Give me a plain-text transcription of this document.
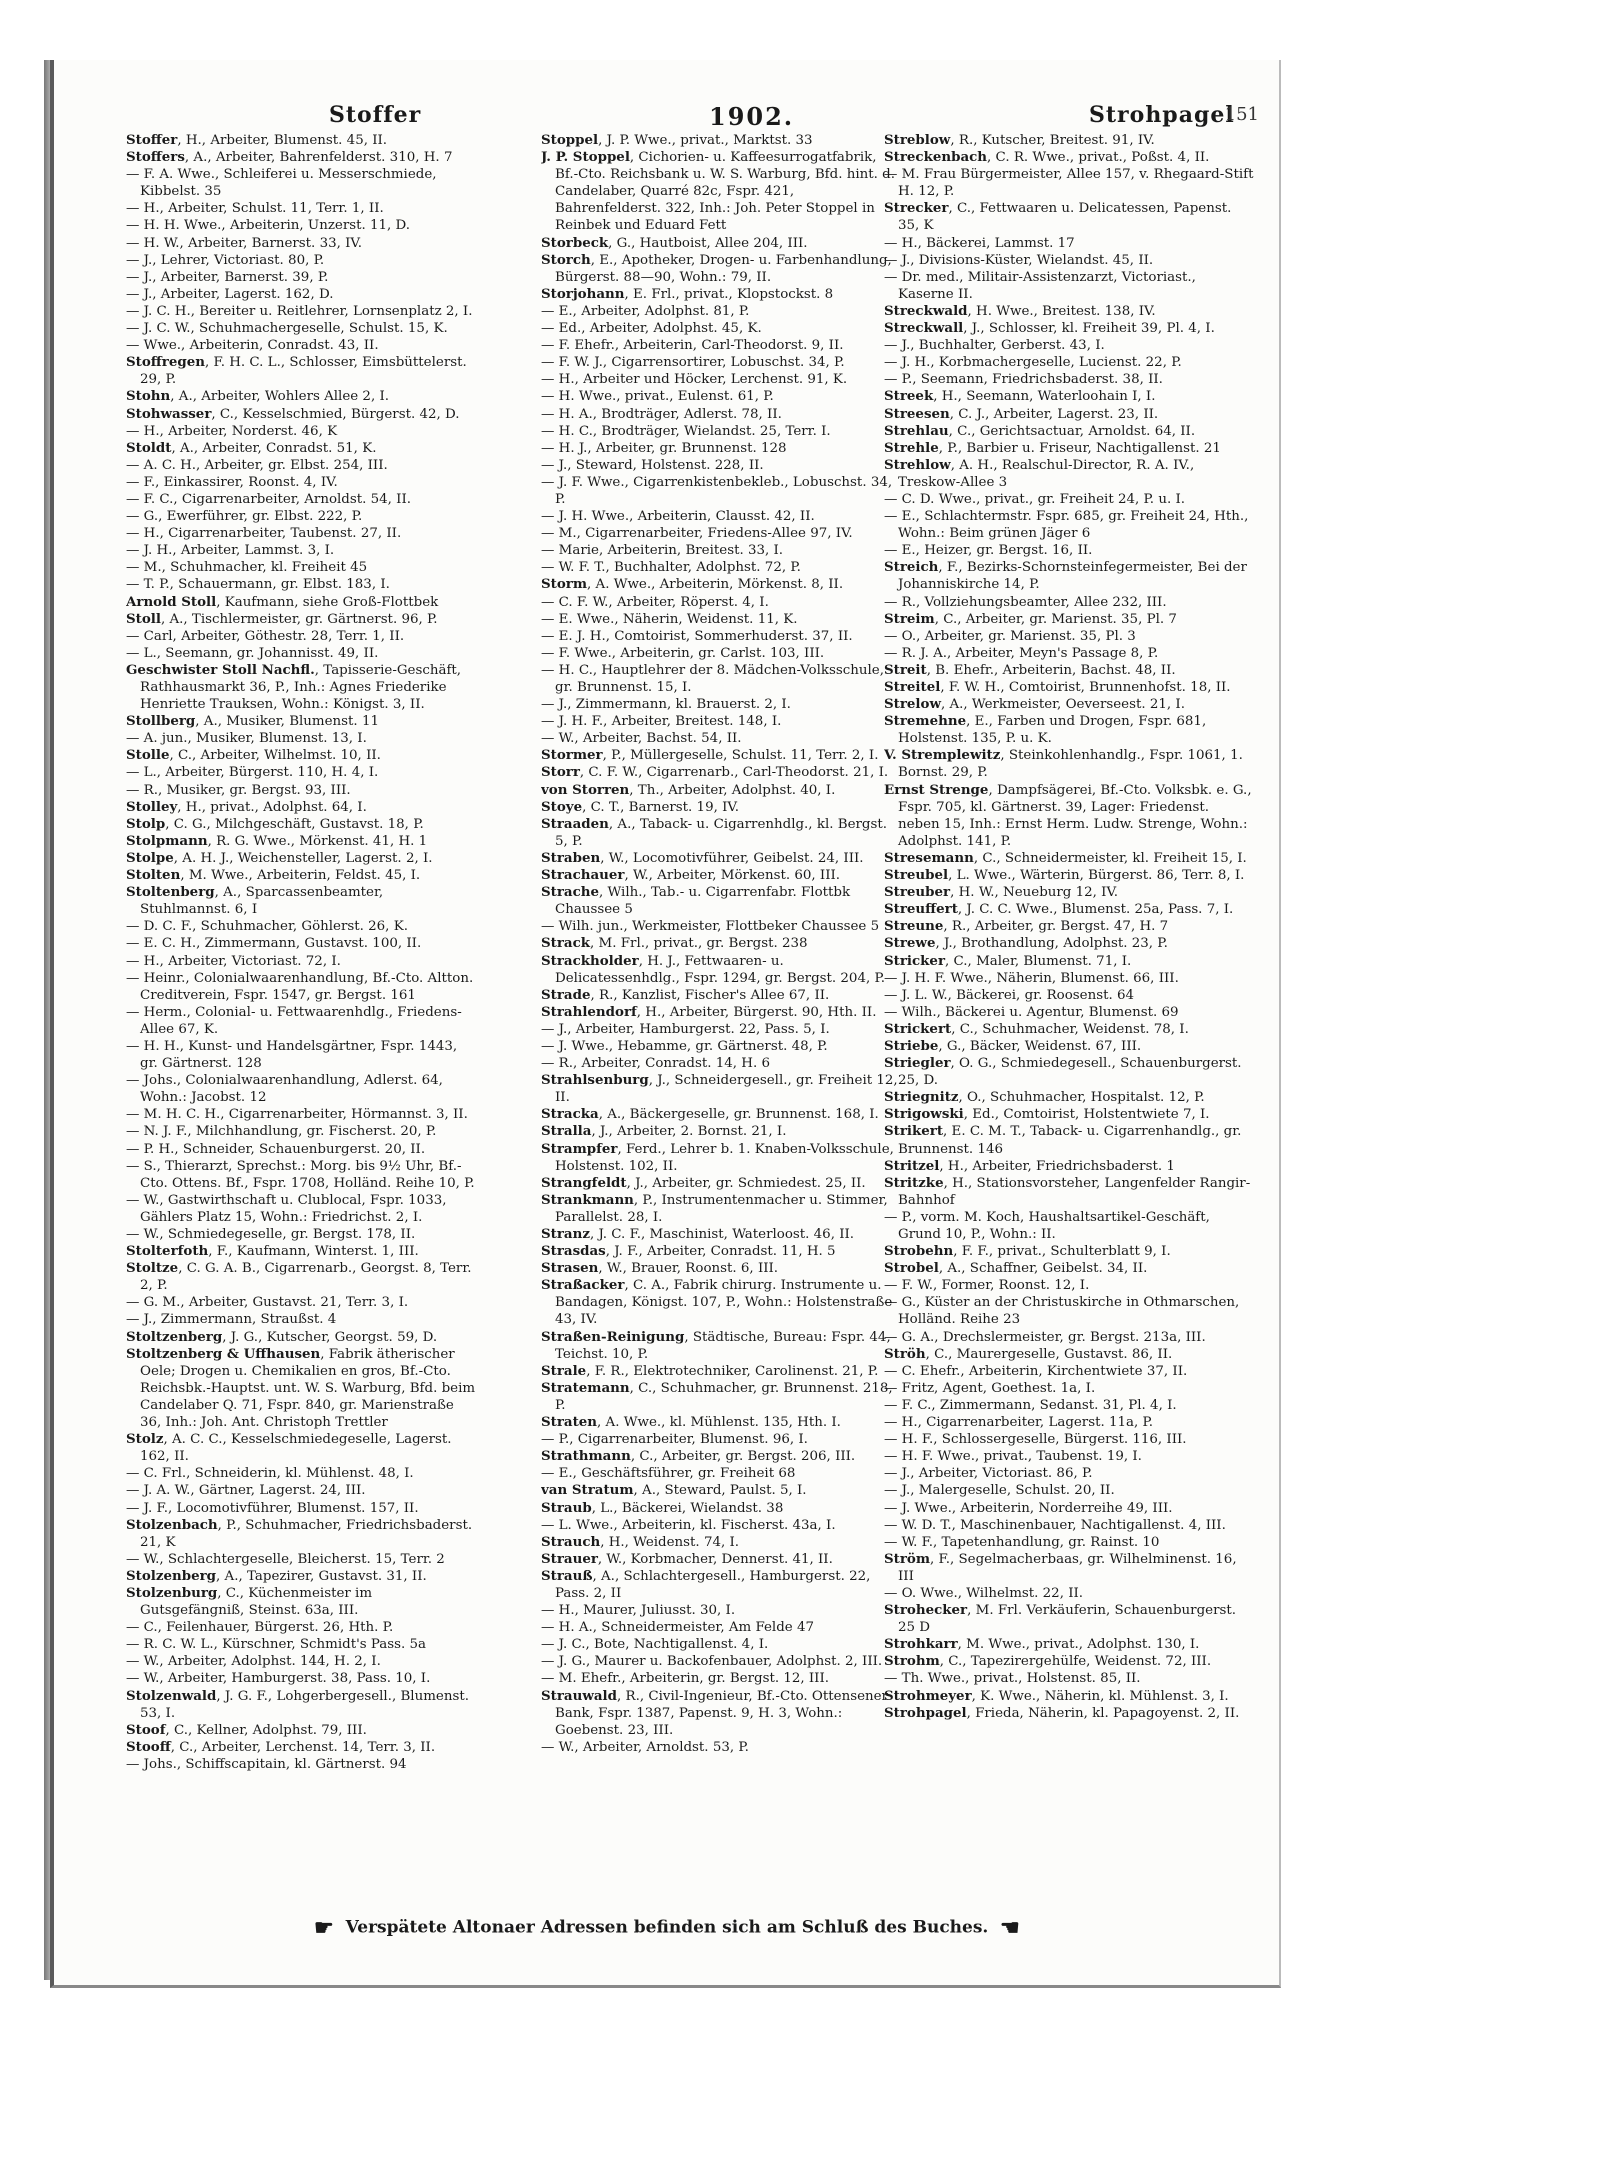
Stoffer	1902.	Strohpagel
151
Stoffer, H., Arbeiter, Blumenst. 45, II.
Stoffers, A., Arbeiter, Bahrenfelderst. 310, H. 7
— F. A. Wwe., Schleiferei u. Messerschmiede, Kibbelst. 35
— H., Arbeiter, Schulst. 11, Terr. 1, II.
— H. H. Wwe., Arbeiterin, Unzerst. 11, D.
— H. W., Arbeiter, Barnerst. 33, IV.
— J., Lehrer, Victoriast. 80, P.
— J., Arbeiter, Barnerst. 39, P.
— J., Arbeiter, Lagerst. 162, D.
— J. C. H., Bereiter u. Reitlehrer, Lornsenplatz 2, I.
— J. C. W., Schuhmachergeselle, Schulst. 15, K.
— Wwe., Arbeiterin, Conradst. 43, II.
Stoffregen, F. H. C. L., Schlosser, Eimsbüttelerst. 29, P.
Stohn, A., Arbeiter, Wohlers Allee 2, I.
Stohwasser, C., Kesselschmied, Bürgerst. 42, D.
— H., Arbeiter, Norderst. 46, K
Stoldt, A., Arbeiter, Conradst. 51, K.
— A. C. H., Arbeiter, gr. Elbst. 254, III.
— F., Einkassirer, Roonst. 4, IV.
— F. C., Cigarrenarbeiter, Arnoldst. 54, II.
— G., Ewerführer, gr. Elbst. 222, P.
— H., Cigarrenarbeiter, Taubenst. 27, II.
— J. H., Arbeiter, Lammst. 3, I.
— M., Schuhmacher, kl. Freiheit 45
— T. P., Schauermann, gr. Elbst. 183, I.
Arnold Stoll, Kaufmann, siehe Groß-Flottbek
Stoll, A., Tischlermeister, gr. Gärtnerst. 96, P.
— Carl, Arbeiter, Göthestr. 28, Terr. 1, II.
— L., Seemann, gr. Johannisst. 49, II.
Geschwister Stoll Nachfl., Tapisserie-Geschäft, Rathhausmarkt 36, P., Inh.: Agnes Friederike Henriette Trauksen, Wohn.: Königst. 3, II.
Stollberg, A., Musiker, Blumenst. 11
— A. jun., Musiker, Blumenst. 13, I.
Stolle, C., Arbeiter, Wilhelmst. 10, II.
— L., Arbeiter, Bürgerst. 110, H. 4, I.
— R., Musiker, gr. Bergst. 93, III.
Stolley, H., privat., Adolphst. 64, I.
Stolp, C. G., Milchgeschäft, Gustavst. 18, P.
Stolpmann, R. G. Wwe., Mörkenst. 41, H. 1
Stolpe, A. H. J., Weichensteller, Lagerst. 2, I.
Stolten, M. Wwe., Arbeiterin, Feldst. 45, I.
Stoltenberg, A., Sparcassenbeamter, Stuhlmannst. 6, I
— D. C. F., Schuhmacher, Göhlerst. 26, K.
— E. C. H., Zimmermann, Gustavst. 100, II.
— H., Arbeiter, Victoriast. 72, I.
— Heinr., Colonialwaarenhandlung, Bf.-Cto. Altton. Creditverein, Fspr. 1547, gr. Bergst. 161
— Herm., Colonial- u. Fettwaarenhdlg., Friedens-Allee 67, K.
— H. H., Kunst- und Handelsgärtner, Fspr. 1443, gr. Gärtnerst. 128
— Johs., Colonialwaarenhandlung, Adlerst. 64, Wohn.: Jacobst. 12
— M. H. C. H., Cigarrenarbeiter, Hörmannst. 3, II.
— N. J. F., Milchhandlung, gr. Fischerst. 20, P.
— P. H., Schneider, Schauenburgerst. 20, II.
— S., Thierarzt, Sprechst.: Morg. bis 9½ Uhr, Bf.-Cto. Ottens. Bf., Fspr. 1708, Holländ. Reihe 10, P.
— W., Gastwirthschaft u. Clublocal, Fspr. 1033, Gählers Platz 15, Wohn.: Friedrichst. 2, I.
— W., Schmiedegeselle, gr. Bergst. 178, II.
Stolterfoth, F., Kaufmann, Winterst. 1, III.
Stoltze, C. G. A. B., Cigarrenarb., Georgst. 8, Terr. 2, P.
— G. M., Arbeiter, Gustavst. 21, Terr. 3, I.
— J., Zimmermann, Straußst. 4
Stoltzenberg, J. G., Kutscher, Georgst. 59, D.
Stoltzenberg & Uffhausen, Fabrik ätherischer Oele; Drogen u. Chemikalien en gros, Bf.-Cto. Reichsbk.-Hauptst. unt. W. S. Warburg, Bfd. beim Candelaber Q. 71, Fspr. 840, gr. Marienstraße 36, Inh.: Joh. Ant. Christoph Trettler
Stolz, A. C. C., Kesselschmiedegeselle, Lagerst. 162, II.
— C. Frl., Schneiderin, kl. Mühlenst. 48, I.
— J. A. W., Gärtner, Lagerst. 24, III.
— J. F., Locomotivführer, Blumenst. 157, II.
Stolzenbach, P., Schuhmacher, Friedrichsbaderst. 21, K
— W., Schlachtergeselle, Bleicherst. 15, Terr. 2
Stolzenberg, A., Tapezirer, Gustavst. 31, II.
Stolzenburg, C., Küchenmeister im Gutsgefängniß, Steinst. 63a, III.
— C., Feilenhauer, Bürgerst. 26, Hth. P.
— R. C. W. L., Kürschner, Schmidt's Pass. 5a
— W., Arbeiter, Adolphst. 144, H. 2, I.
— W., Arbeiter, Hamburgerst. 38, Pass. 10, I.
Stolzenwald, J. G. F., Lohgerbergesell., Blumenst. 53, I.
Stoof, C., Kellner, Adolphst. 79, III.
Stooff, C., Arbeiter, Lerchenst. 14, Terr. 3, II.
— Johs., Schiffscapitain, kl. Gärtnerst. 94
Stoppel, J. P. Wwe., privat., Marktst. 33
J. P. Stoppel, Cichorien- u. Kaffeesurrogatfabrik, Bf.-Cto. Reichsbank u. W. S. Warburg, Bfd. hint. d. Candelaber, Quarré 82c, Fspr. 421, Bahrenfelderst. 322, Inh.: Joh. Peter Stoppel in Reinbek und Eduard Fett
Storbeck, G., Hautboist, Allee 204, III.
Storch, E., Apotheker, Drogen- u. Farbenhandlung, Bürgerst. 88—90, Wohn.: 79, II.
Storjohann, E. Frl., privat., Klopstockst. 8
— E., Arbeiter, Adolphst. 81, P.
— Ed., Arbeiter, Adolphst. 45, K.
— F. Ehefr., Arbeiterin, Carl-Theodorst. 9, II.
— F. W. J., Cigarrensortirer, Lobuschst. 34, P.
— H., Arbeiter und Höcker, Lerchenst. 91, K.
— H. Wwe., privat., Eulenst. 61, P.
— H. A., Brodträger, Adlerst. 78, II.
— H. C., Brodträger, Wielandst. 25, Terr. I.
— H. J., Arbeiter, gr. Brunnenst. 128
— J., Steward, Holstenst. 228, II.
— J. F. Wwe., Cigarrenkistenbekleb., Lobuschst. 34, P.
— J. H. Wwe., Arbeiterin, Clausst. 42, II.
— M., Cigarrenarbeiter, Friedens-Allee 97, IV.
— Marie, Arbeiterin, Breitest. 33, I.
— W. F. T., Buchhalter, Adolphst. 72, P.
Storm, A. Wwe., Arbeiterin, Mörkenst. 8, II.
— C. F. W., Arbeiter, Röperst. 4, I.
— E. Wwe., Näherin, Weidenst. 11, K.
— E. J. H., Comtoirist, Sommerhuderst. 37, II.
— F. Wwe., Arbeiterin, gr. Carlst. 103, III.
— H. C., Hauptlehrer der 8. Mädchen-Volksschule, gr. Brunnenst. 15, I.
— J., Zimmermann, kl. Brauerst. 2, I.
— J. H. F., Arbeiter, Breitest. 148, I.
— W., Arbeiter, Bachst. 54, II.
Stormer, P., Müllergeselle, Schulst. 11, Terr. 2, I.
Storr, C. F. W., Cigarrenarb., Carl-Theodorst. 21, I.
von Storren, Th., Arbeiter, Adolphst. 40, I.
Stoye, C. T., Barnerst. 19, IV.
Straaden, A., Taback- u. Cigarrenhdlg., kl. Bergst. 5, P.
Straben, W., Locomotivführer, Geibelst. 24, III.
Strachauer, W., Arbeiter, Mörkenst. 60, III.
Strache, Wilh., Tab.- u. Cigarrenfabr. Flottbk Chaussee 5
— Wilh. jun., Werkmeister, Flottbeker Chaussee 5
Strack, M. Frl., privat., gr. Bergst. 238
Strackholder, H. J., Fettwaaren- u. Delicatessenhdlg., Fspr. 1294, gr. Bergst. 204, P.
Strade, R., Kanzlist, Fischer's Allee 67, II.
Strahlendorf, H., Arbeiter, Bürgerst. 90, Hth. II.
— J., Arbeiter, Hamburgerst. 22, Pass. 5, I.
— J. Wwe., Hebamme, gr. Gärtnerst. 48, P.
— R., Arbeiter, Conradst. 14, H. 6
Strahlsenburg, J., Schneidergesell., gr. Freiheit 12, II.
Stracka, A., Bäckergeselle, gr. Brunnenst. 168, I.
Stralla, J., Arbeiter, 2. Bornst. 21, I.
Strampfer, Ferd., Lehrer b. 1. Knaben-Volksschule, Holstenst. 102, II.
Strangfeldt, J., Arbeiter, gr. Schmiedest. 25, II.
Strankmann, P., Instrumentenmacher u. Stimmer, Parallelst. 28, I.
Stranz, J. C. F., Maschinist, Waterloost. 46, II.
Strasdas, J. F., Arbeiter, Conradst. 11, H. 5
Strasen, W., Brauer, Roonst. 6, III.
Straßacker, C. A., Fabrik chirurg. Instrumente u. Bandagen, Königst. 107, P., Wohn.: Holstenstraße 43, IV.
Straßen-Reinigung, Städtische, Bureau: Fspr. 44, Teichst. 10, P.
Strale, F. R., Elektrotechniker, Carolinenst. 21, P.
Stratemann, C., Schuhmacher, gr. Brunnenst. 218, P.
Straten, A. Wwe., kl. Mühlenst. 135, Hth. I.
— P., Cigarrenarbeiter, Blumenst. 96, I.
Strathmann, C., Arbeiter, gr. Bergst. 206, III.
— E., Geschäftsführer, gr. Freiheit 68
van Stratum, A., Steward, Paulst. 5, I.
Straub, L., Bäckerei, Wielandst. 38
— L. Wwe., Arbeiterin, kl. Fischerst. 43a, I.
Strauch, H., Weidenst. 74, I.
Strauer, W., Korbmacher, Dennerst. 41, II.
Strauß, A., Schlachtergesell., Hamburgerst. 22, Pass. 2, II
— H., Maurer, Juliusst. 30, I.
— H. A., Schneidermeister, Am Felde 47
— J. C., Bote, Nachtigallenst. 4, I.
— J. G., Maurer u. Backofenbauer, Adolphst. 2, III.
— M. Ehefr., Arbeiterin, gr. Bergst. 12, III.
Strauwald, R., Civil-Ingenieur, Bf.-Cto. Ottensener Bank, Fspr. 1387, Papenst. 9, H. 3, Wohn.: Goebenst. 23, III.
— W., Arbeiter, Arnoldst. 53, P.
Streblow, R., Kutscher, Breitest. 91, IV.
Streckenbach, C. R. Wwe., privat., Poßst. 4, II.
— M. Frau Bürgermeister, Allee 157, v. Rhegaard-Stift H. 12, P.
Strecker, C., Fettwaaren u. Delicatessen, Papenst. 35, K
— H., Bäckerei, Lammst. 17
— J., Divisions-Küster, Wielandst. 45, II.
— Dr. med., Militair-Assistenzarzt, Victoriast., Kaserne II.
Streckwald, H. Wwe., Breitest. 138, IV.
Streckwall, J., Schlosser, kl. Freiheit 39, Pl. 4, I.
— J., Buchhalter, Gerberst. 43, I.
— J. H., Korbmachergeselle, Lucienst. 22, P.
— P., Seemann, Friedrichsbaderst. 38, II.
Streek, H., Seemann, Waterloohain I, I.
Streesen, C. J., Arbeiter, Lagerst. 23, II.
Strehlau, C., Gerichtsactuar, Arnoldst. 64, II.
Strehle, P., Barbier u. Friseur, Nachtigallenst. 21
Strehlow, A. H., Realschul-Director, R. A. IV., Treskow-Allee 3
— C. D. Wwe., privat., gr. Freiheit 24, P. u. I.
— E., Schlachtermstr. Fspr. 685, gr. Freiheit 24, Hth., Wohn.: Beim grünen Jäger 6
— E., Heizer, gr. Bergst. 16, II.
Streich, F., Bezirks-Schornsteinfegermeister, Bei der Johanniskirche 14, P.
— R., Vollziehungsbeamter, Allee 232, III.
Streim, C., Arbeiter, gr. Marienst. 35, Pl. 7
— O., Arbeiter, gr. Marienst. 35, Pl. 3
— R. J. A., Arbeiter, Meyn's Passage 8, P.
Streit, B. Ehefr., Arbeiterin, Bachst. 48, II.
Streitel, F. W. H., Comtoirist, Brunnenhofst. 18, II.
Strelow, A., Werkmeister, Oeverseest. 21, I.
Stremehne, E., Farben und Drogen, Fspr. 681, Holstenst. 135, P. u. K.
V. Stremplewitz, Steinkohlenhandlg., Fspr. 1061, 1. Bornst. 29, P.
Ernst Strenge, Dampfsägerei, Bf.-Cto. Volksbk. e. G., Fspr. 705, kl. Gärtnerst. 39, Lager: Friedenst. neben 15, Inh.: Ernst Herm. Ludw. Strenge, Wohn.: Adolphst. 141, P.
Stresemann, C., Schneidermeister, kl. Freiheit 15, I.
Streubel, L. Wwe., Wärterin, Bürgerst. 86, Terr. 8, I.
Streuber, H. W., Neueburg 12, IV.
Streuffert, J. C. C. Wwe., Blumenst. 25a, Pass. 7, I.
Streune, R., Arbeiter, gr. Bergst. 47, H. 7
Strewe, J., Brothandlung, Adolphst. 23, P.
Stricker, C., Maler, Blumenst. 71, I.
— J. H. F. Wwe., Näherin, Blumenst. 66, III.
— J. L. W., Bäckerei, gr. Roosenst. 64
— Wilh., Bäckerei u. Agentur, Blumenst. 69
Strickert, C., Schuhmacher, Weidenst. 78, I.
Striebe, G., Bäcker, Weidenst. 67, III.
Striegler, O. G., Schmiedegesell., Schauenburgerst. 25, D.
Striegnitz, O., Schuhmacher, Hospitalst. 12, P.
Strigowski, Ed., Comtoirist, Holstentwiete 7, I.
Strikert, E. C. M. T., Taback- u. Cigarrenhandlg., gr. Brunnenst. 146
Stritzel, H., Arbeiter, Friedrichsbaderst. 1
Stritzke, H., Stationsvorsteher, Langenfelder Rangir-Bahnhof
— P., vorm. M. Koch, Haushaltsartikel-Geschäft, Grund 10, P., Wohn.: II.
Strobehn, F. F., privat., Schulterblatt 9, I.
Strobel, A., Schaffner, Geibelst. 34, II.
— F. W., Former, Roonst. 12, I.
— G., Küster an der Christuskirche in Othmarschen, Holländ. Reihe 23
— G. A., Drechslermeister, gr. Bergst. 213a, III.
Ströh, C., Maurergeselle, Gustavst. 86, II.
— C. Ehefr., Arbeiterin, Kirchentwiete 37, II.
— Fritz, Agent, Goethest. 1a, I.
— F. C., Zimmermann, Sedanst. 31, Pl. 4, I.
— H., Cigarrenarbeiter, Lagerst. 11a, P.
— H. F., Schlossergeselle, Bürgerst. 116, III.
— H. F. Wwe., privat., Taubenst. 19, I.
— J., Arbeiter, Victoriast. 86, P.
— J., Malergeselle, Schulst. 20, II.
— J. Wwe., Arbeiterin, Norderreihe 49, III.
— W. D. T., Maschinenbauer, Nachtigallenst. 4, III.
— W. F., Tapetenhandlung, gr. Rainst. 10
Ström, F., Segelmacherbaas, gr. Wilhelminenst. 16, III
— O. Wwe., Wilhelmst. 22, II.
Strohecker, M. Frl. Verkäuferin, Schauenburgerst. 25 D
Strohkarr, M. Wwe., privat., Adolphst. 130, I.
Strohm, C., Tapezirergehülfe, Weidenst. 72, III.
— Th. Wwe., privat., Holstenst. 85, II.
Strohmeyer, K. Wwe., Näherin, kl. Mühlenst. 3, I.
Strohpagel, Frieda, Näherin, kl. Papagoyenst. 2, II.
☛ Verspätete Altonaer Adressen befinden sich am Schluß des Buches. ☛
